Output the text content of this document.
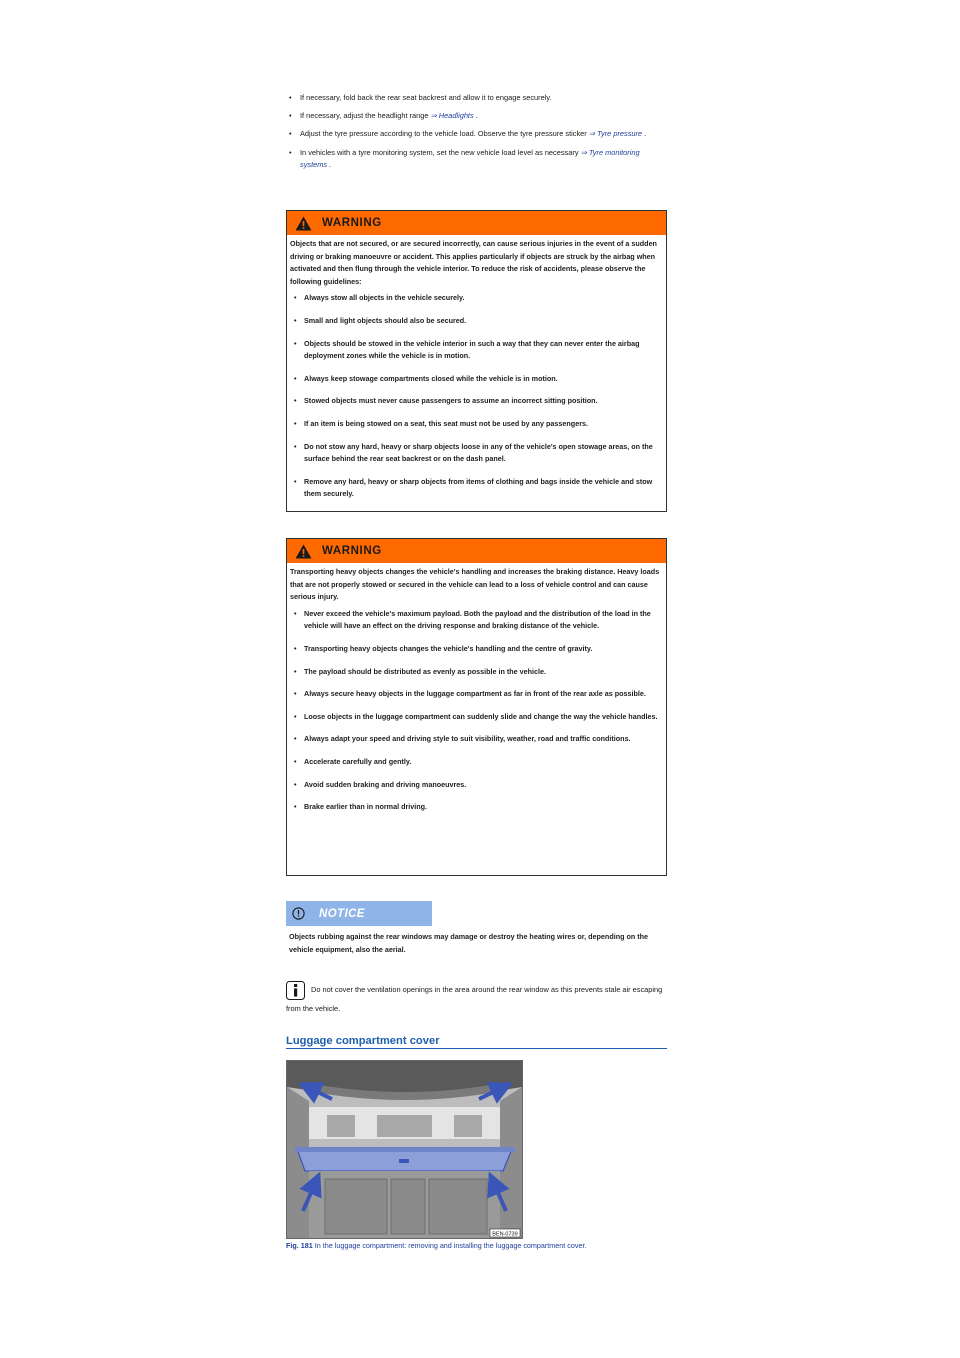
• If necessary, fold back the rear seat backrest and allow it to engage securely.
• If necessary, adjust the headlight range ⇒ Headlights .
• Adjust the tyre pressure according to the vehicle load. Observe the tyre pressure sticker ⇒ Tyre pressure .
• In vehicles with a tyre monitoring system, set the new vehicle load level as necessary ⇒ Tyre monitoring systems .
WARNING

Objects that are not secured, or are secured incorrectly, can cause serious injuries in the event of a sudden driving or braking manoeuvre or accident. This applies particularly if objects are struck by the airbag when activated and then flung through the vehicle interior. To reduce the risk of accidents, please observe the following guidelines:

• Always stow all objects in the vehicle securely.
• Small and light objects should also be secured.
• Objects should be stowed in the vehicle interior in such a way that they can never enter the airbag deployment zones while the vehicle is in motion.
• Always keep stowage compartments closed while the vehicle is in motion.
• Stowed objects must never cause passengers to assume an incorrect sitting position.
• If an item is being stowed on a seat, this seat must not be used by any passengers.
• Do not stow any hard, heavy or sharp objects loose in any of the vehicle's open stowage areas, on the surface behind the rear seat backrest or on the dash panel.
• Remove any hard, heavy or sharp objects from items of clothing and bags inside the vehicle and stow them securely.
WARNING

Transporting heavy objects changes the vehicle's handling and increases the braking distance. Heavy loads that are not properly stowed or secured in the vehicle can lead to a loss of vehicle control and can cause serious injury.

• Never exceed the vehicle's maximum payload. Both the payload and the distribution of the load in the vehicle will have an effect on the driving response and braking distance of the vehicle.
• Transporting heavy objects changes the vehicle's handling and the centre of gravity.
• The payload should be distributed as evenly as possible in the vehicle.
• Always secure heavy objects in the luggage compartment as far in front of the rear axle as possible.
• Loose objects in the luggage compartment can suddenly slide and change the way the vehicle handles.
• Always adapt your speed and driving style to suit visibility, weather, road and traffic conditions.
• Accelerate carefully and gently.
• Avoid sudden braking and driving manoeuvres.
• Brake earlier than in normal driving.
NOTICE
Objects rubbing against the rear windows may damage or destroy the heating wires or, depending on the vehicle equipment, also the aerial.
Do not cover the ventilation openings in the area around the rear window as this prevents stale air escaping from the vehicle.
Luggage compartment cover
BEN-0739
Fig. 181 In the luggage compartment: removing and installing the luggage compartment cover.
